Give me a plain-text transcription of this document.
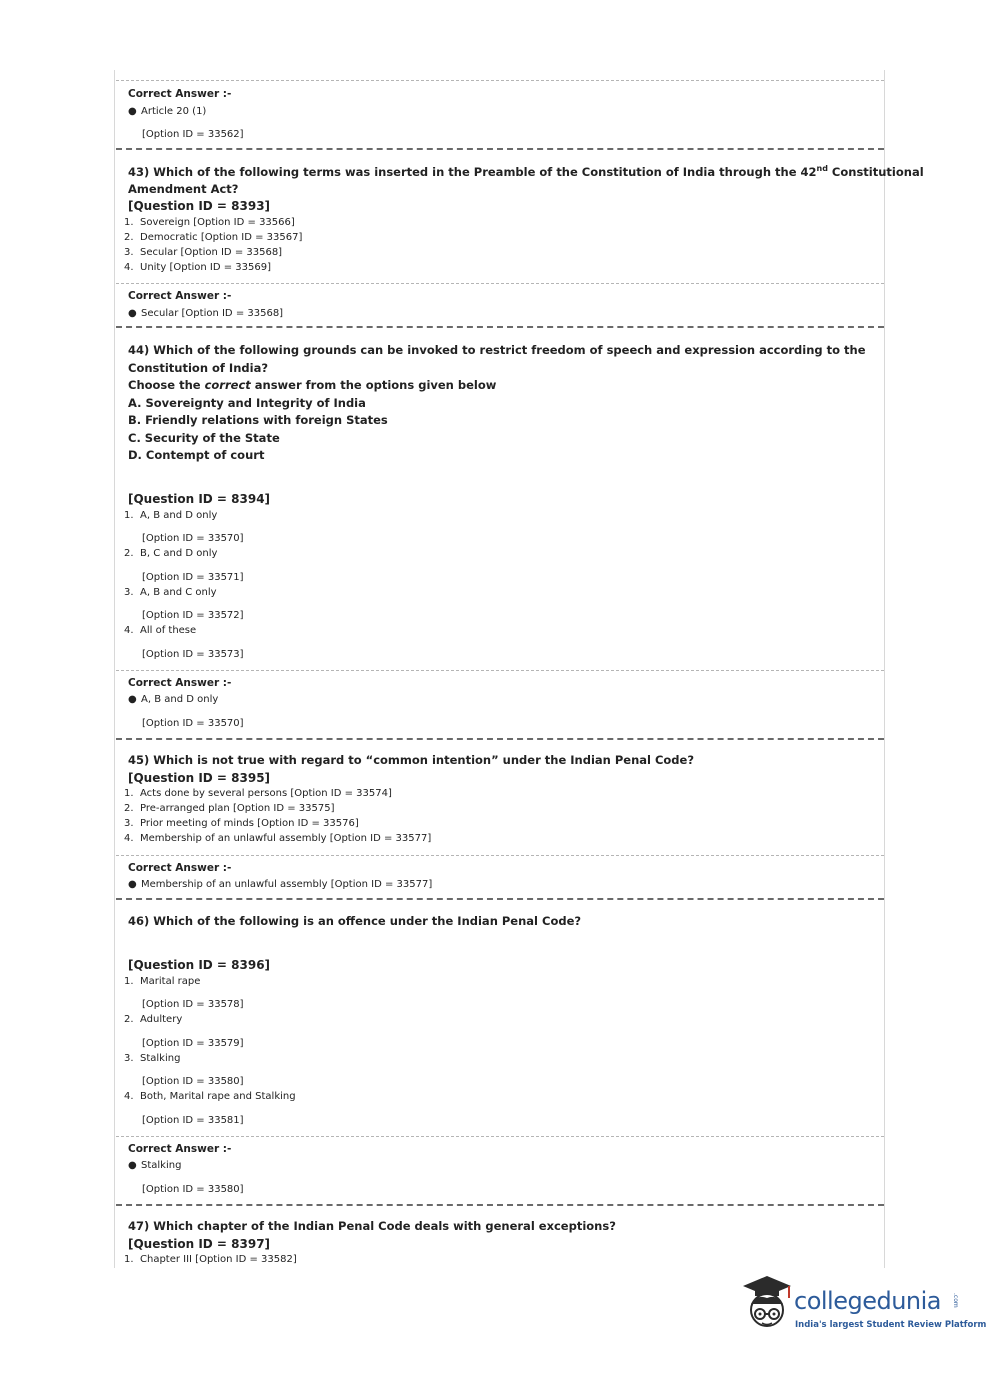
Correct Answer :-
● Article 20 (1)
[Option ID = 33562]
43) Which of the following terms was inserted in the Preamble of the Constitution of India through the 42nd Constitutional
Amendment Act?
[Question ID = 8393]
1. Sovereign [Option ID = 33566]
2. Democratic [Option ID = 33567]
3. Secular [Option ID = 33568]
4. Unity [Option ID = 33569]
Correct Answer :-
● Secular [Option ID = 33568]
44) Which of the following grounds can be invoked to restrict freedom of speech and expression according to the
Constitution of India?
Choose the correct answer from the options given below
A. Sovereignty and Integrity of India
B. Friendly relations with foreign States
C. Security of the State
D. Contempt of court
[Question ID = 8394]
1. A, B and D only
[Option ID = 33570]
2. B, C and D only
[Option ID = 33571]
3. A, B and C only
[Option ID = 33572]
4. All of these
[Option ID = 33573]
Correct Answer :-
● A, B and D only
[Option ID = 33570]
45) Which is not true with regard to “common intention” under the Indian Penal Code?
[Question ID = 8395]
1. Acts done by several persons [Option ID = 33574]
2. Pre-arranged plan [Option ID = 33575]
3. Prior meeting of minds [Option ID = 33576]
4. Membership of an unlawful assembly [Option ID = 33577]
Correct Answer :-
● Membership of an unlawful assembly [Option ID = 33577]
46) Which of the following is an offence under the Indian Penal Code?
[Question ID = 8396]
1. Marital rape
[Option ID = 33578]
2. Adultery
[Option ID = 33579]
3. Stalking
[Option ID = 33580]
4. Both, Marital rape and Stalking
[Option ID = 33581]
Correct Answer :-
● Stalking
[Option ID = 33580]
47) Which chapter of the Indian Penal Code deals with general exceptions?
[Question ID = 8397]
1. Chapter III [Option ID = 33582]
collegedunia .com
India's largest Student Review Platform
